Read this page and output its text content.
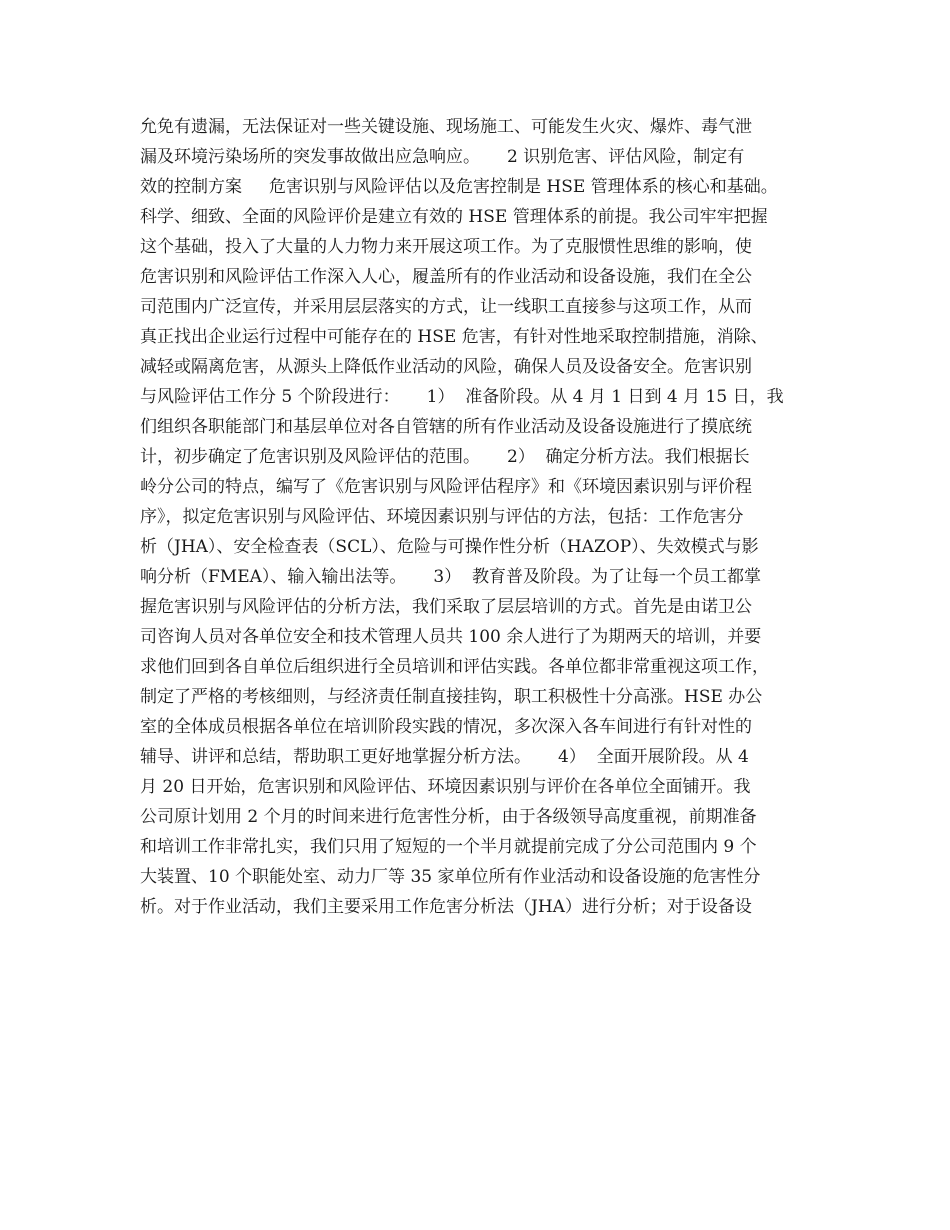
允免有遗漏，无法保证对一些关键设施、现场施工、可能发生火灾、爆炸、毒气泄
漏及环境污染场所的突发事故做出应急响应。     2 识别危害、评估风险，制定有
效的控制方案     危害识别与风险评估以及危害控制是 HSE 管理体系的核心和基础。
科学、细致、全面的风险评价是建立有效的 HSE 管理体系的前提。我公司牢牢把握
这个基础，投入了大量的人力物力来开展这项工作。为了克服惯性思维的影响，使
危害识别和风险评估工作深入人心，履盖所有的作业活动和设备设施，我们在全公
司范围内广泛宣传，并采用层层落实的方式，让一线职工直接参与这项工作，从而
真正找出企业运行过程中可能存在的 HSE 危害，有针对性地采取控制措施，消除、
减轻或隔离危害，从源头上降低作业活动的风险，确保人员及设备安全。危害识别
与风险评估工作分 5 个阶段进行：     1）  准备阶段。从 4 月 1 日到 4 月 15 日，我
们组织各职能部门和基层单位对各自管辖的所有作业活动及设备设施进行了摸底统
计，初步确定了危害识别及风险评估的范围。     2）  确定分析方法。我们根据长
岭分公司的特点，编写了《危害识别与风险评估程序》和《环境因素识别与评价程
序》，拟定危害识别与风险评估、环境因素识别与评估的方法，包括：工作危害分
析（JHA）、安全检查表（SCL）、危险与可操作性分析（HAZOP）、失效模式与影
响分析（FMEA）、输入输出法等。     3）  教育普及阶段。为了让每一个员工都掌
握危害识别与风险评估的分析方法，我们采取了层层培训的方式。首先是由诺卫公
司咨询人员对各单位安全和技术管理人员共 100 余人进行了为期两天的培训，并要
求他们回到各自单位后组织进行全员培训和评估实践。各单位都非常重视这项工作，
制定了严格的考核细则，与经济责任制直接挂钩，职工积极性十分高涨。HSE 办公
室的全体成员根据各单位在培训阶段实践的情况，多次深入各车间进行有针对性的
辅导、讲评和总结，帮助职工更好地掌握分析方法。     4）  全面开展阶段。从 4
月 20 日开始，危害识别和风险评估、环境因素识别与评价在各单位全面铺开。我
公司原计划用 2 个月的时间来进行危害性分析，由于各级领导高度重视，前期准备
和培训工作非常扎实，我们只用了短短的一个半月就提前完成了分公司范围内 9 个
大装置、10 个职能处室、动力厂等 35 家单位所有作业活动和设备设施的危害性分
析。对于作业活动，我们主要采用工作危害分析法（JHA）进行分析；对于设备设
